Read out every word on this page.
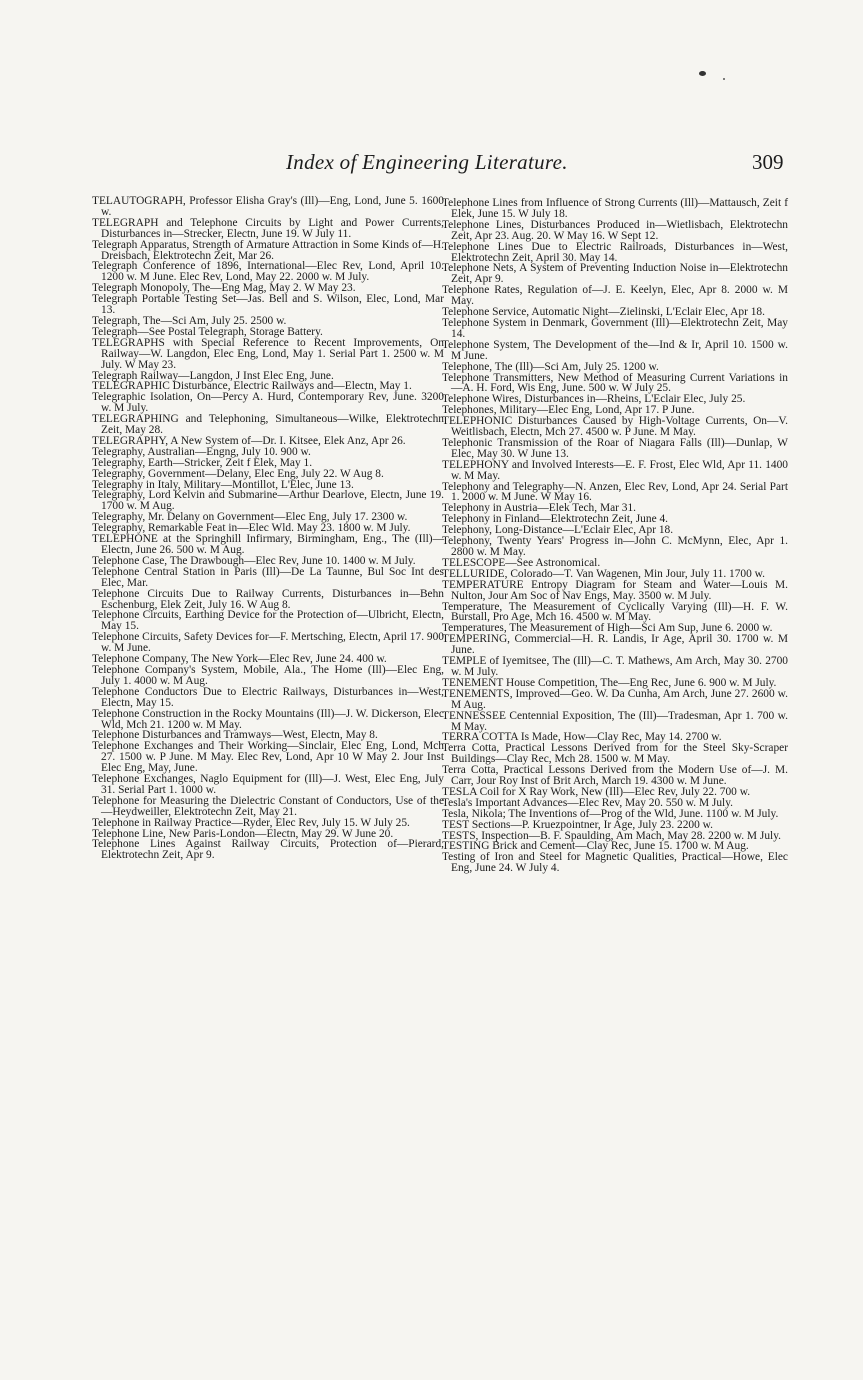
Index of Engineering Literature.	309

TELAUTOGRAPH, Professor Elisha Gray's (Ill)—Eng, Lond, June 5. 1600 w.

TELEGRAPH and Telephone Circuits by Light and Power Currents, Disturbances in—Strecker, Electn, June 19. W July 11.

Telegraph Apparatus, Strength of Armature Attraction in Some Kinds of—H. Dreisbach, Elektrotechn Zeit, Mar 26.

Telegraph Conference of 1896, International—Elec Rev, Lond, April 10. 1200 w. M June. Elec Rev, Lond, May 22. 2000 w. M July.

Telegraph Monopoly, The—Eng Mag, May 2. W May 23.

Telegraph Portable Testing Set—Jas. Bell and S. Wilson, Elec, Lond, Mar 13.

Telegraph, The—Sci Am, July 25. 2500 w.

Telegraph—See Postal Telegraph, Storage Battery.

TELEGRAPHS with Special Reference to Recent Improvements, On Railway—W. Langdon, Elec Eng, Lond, May 1. Serial Part 1. 2500 w. M July. W May 23.

Telegraph Railway—Langdon, J Inst Elec Eng, June.

TELEGRAPHIC Disturbance, Electric Railways and—Electn, May 1.

Telegraphic Isolation, On—Percy A. Hurd, Contemporary Rev, June. 3200 w. M July.

TELEGRAPHING and Telephoning, Simultaneous—Wilke, Elektrotechn Zeit, May 28.

TELEGRAPHY, A New System of—Dr. I. Kitsee, Elek Anz, Apr 26.

Telegraphy, Australian—Engng, July 10. 900 w.

Telegraphy, Earth—Stricker, Zeit f Elek, May 1.

Telegraphy, Government—Delany, Elec Eng, July 22. W Aug 8.

Telegraphy in Italy, Military—Montillot, L'Elec, June 13.

Telegraphy, Lord Kelvin and Submarine—Arthur Dearlove, Electn, June 19. 1700 w. M Aug.

Telegraphy, Mr. Delany on Government—Elec Eng, July 17. 2300 w.

Telegraphy, Remarkable Feat in—Elec Wld. May 23. 1800 w. M July.

TELEPHONE at the Springhill Infirmary, Birmingham, Eng., The (Ill)—Electn, June 26. 500 w. M Aug.

Telephone Case, The Drawbough—Elec Rev, June 10. 1400 w. M July.

Telephone Central Station in Paris (Ill)—De La Taunne, Bul Soc Int des Elec, Mar.

Telephone Circuits Due to Railway Currents, Disturbances in—Behn Eschenburg, Elek Zeit, July 16. W Aug 8.

Telephone Circuits, Earthing Device for the Protection of—Ulbricht, Electn, May 15.

Telephone Circuits, Safety Devices for—F. Mertsching, Electn, April 17. 900 w. M June.

Telephone Company, The New York—Elec Rev, June 24. 400 w.

Telephone Company's System, Mobile, Ala., The Home (Ill)—Elec Eng, July 1. 4000 w. M Aug.

Telephone Conductors Due to Electric Railways, Disturbances in—West, Electn, May 15.

Telephone Construction in the Rocky Mountains (Ill)—J. W. Dickerson, Elec Wld, Mch 21. 1200 w. M May.

Telephone Disturbances and Tramways—West, Electn, May 8.

Telephone Exchanges and Their Working—Sinclair, Elec Eng, Lond, Mch 27. 1500 w. P June. M May. Elec Rev, Lond, Apr 10 W May 2. Jour Inst Elec Eng, May, June.

Telephone Exchanges, Naglo Equipment for (Ill)—J. West, Elec Eng, July 31. Serial Part 1. 1000 w.

Telephone for Measuring the Dielectric Constant of Conductors, Use of the—Heydweiller, Elektrotechn Zeit, May 21.

Telephone in Railway Practice—Ryder, Elec Rev, July 15. W July 25.

Telephone Line, New Paris-London—Electn, May 29. W June 20.

Telephone Lines Against Railway Circuits, Protection of—Pierard, Elektrotechn Zeit, Apr 9.

Telephone Lines from Influence of Strong Currents (Ill)—Mattausch, Zeit f Elek, June 15. W July 18.

Telephone Lines, Disturbances Produced in—Wietlisbach, Elektrotechn Zeit, Apr 23. Aug. 20. W May 16. W Sept 12.

Telephone Lines Due to Electric Railroads, Disturbances in—West, Elektrotechn Zeit, April 30. May 14.

Telephone Nets, A System of Preventing Induction Noise in—Elektrotechn Zeit, Apr 9.

Telephone Rates, Regulation of—J. E. Keelyn, Elec, Apr 8. 2000 w. M May.

Telephone Service, Automatic Night—Zielinski, L'Eclair Elec, Apr 18.

Telephone System in Denmark, Government (Ill)—Elektrotechn Zeit, May 14.

Telephone System, The Development of the—Ind & Ir, April 10. 1500 w. M June.

Telephone, The (Ill)—Sci Am, July 25. 1200 w.

Telephone Transmitters, New Method of Measuring Current Variations in—A. H. Ford, Wis Eng, June. 500 w. W July 25.

Telephone Wires, Disturbances in—Rheins, L'Eclair Elec, July 25.

Telephones, Military—Elec Eng, Lond, Apr 17. P June.

TELEPHONIC Disturbances Caused by High-Voltage Currents, On—V. Weitlisbach, Electn, Mch 27. 4500 w. P June. M May.

Telephonic Transmission of the Roar of Niagara Falls (Ill)—Dunlap, W Elec, May 30. W June 13.

TELEPHONY and Involved Interests—E. F. Frost, Elec Wld, Apr 11. 1400 w. M May.

Telephony and Telegraphy—N. Anzen, Elec Rev, Lond, Apr 24. Serial Part 1. 2000 w. M June. W May 16.

Telephony in Austria—Elek Tech, Mar 31.

Telephony in Finland—Elektrotechn Zeit, June 4.

Telephony, Long-Distance—L'Eclair Elec, Apr 18.

Telephony, Twenty Years' Progress in—John C. McMynn, Elec, Apr 1. 2800 w. M May.

TELESCOPE—See Astronomical.

TELLURIDE, Colorado—T. Van Wagenen, Min Jour, July 11. 1700 w.

TEMPERATURE Entropy Diagram for Steam and Water—Louis M. Nulton, Jour Am Soc of Nav Engs, May. 3500 w. M July.

Temperature, The Measurement of Cyclically Varying (Ill)—H. F. W. Burstall, Pro Age, Mch 16. 4500 w. M May.

Temperatures, The Measurement of High—Sci Am Sup, June 6. 2000 w.

TEMPERING, Commercial—H. R. Landis, Ir Age, April 30. 1700 w. M June.

TEMPLE of Iyemitsee, The (Ill)—C. T. Mathews, Am Arch, May 30. 2700 w. M July.

TENEMENT House Competition, The—Eng Rec, June 6. 900 w. M July.

TENEMENTS, Improved—Geo. W. Da Cunha, Am Arch, June 27. 2600 w. M Aug.

TENNESSEE Centennial Exposition, The (Ill)—Tradesman, Apr 1. 700 w. M May.

TERRA COTTA Is Made, How—Clay Rec, May 14. 2700 w.

Terra Cotta, Practical Lessons Derived from for the Steel Sky-Scraper Buildings—Clay Rec, Mch 28. 1500 w. M May.

Terra Cotta, Practical Lessons Derived from the Modern Use of—J. M. Carr, Jour Roy Inst of Brit Arch, March 19. 4300 w. M June.

TESLA Coil for X Ray Work, New (Ill)—Elec Rev, July 22. 700 w.

Tesla's Important Advances—Elec Rev, May 20. 550 w. M July.

Tesla, Nikola; The Inventions of—Prog of the Wld, June. 1100 w. M July.

TEST Sections—P. Kruezpointner, Ir Age, July 23. 2200 w.

TESTS, Inspection—B. F. Spaulding, Am Mach, May 28. 2200 w. M July.

TESTING Brick and Cement—Clay Rec, June 15. 1700 w. M Aug.

Testing of Iron and Steel for Magnetic Qualities, Practical—Howe, Elec Eng, June 24. W July 4.
